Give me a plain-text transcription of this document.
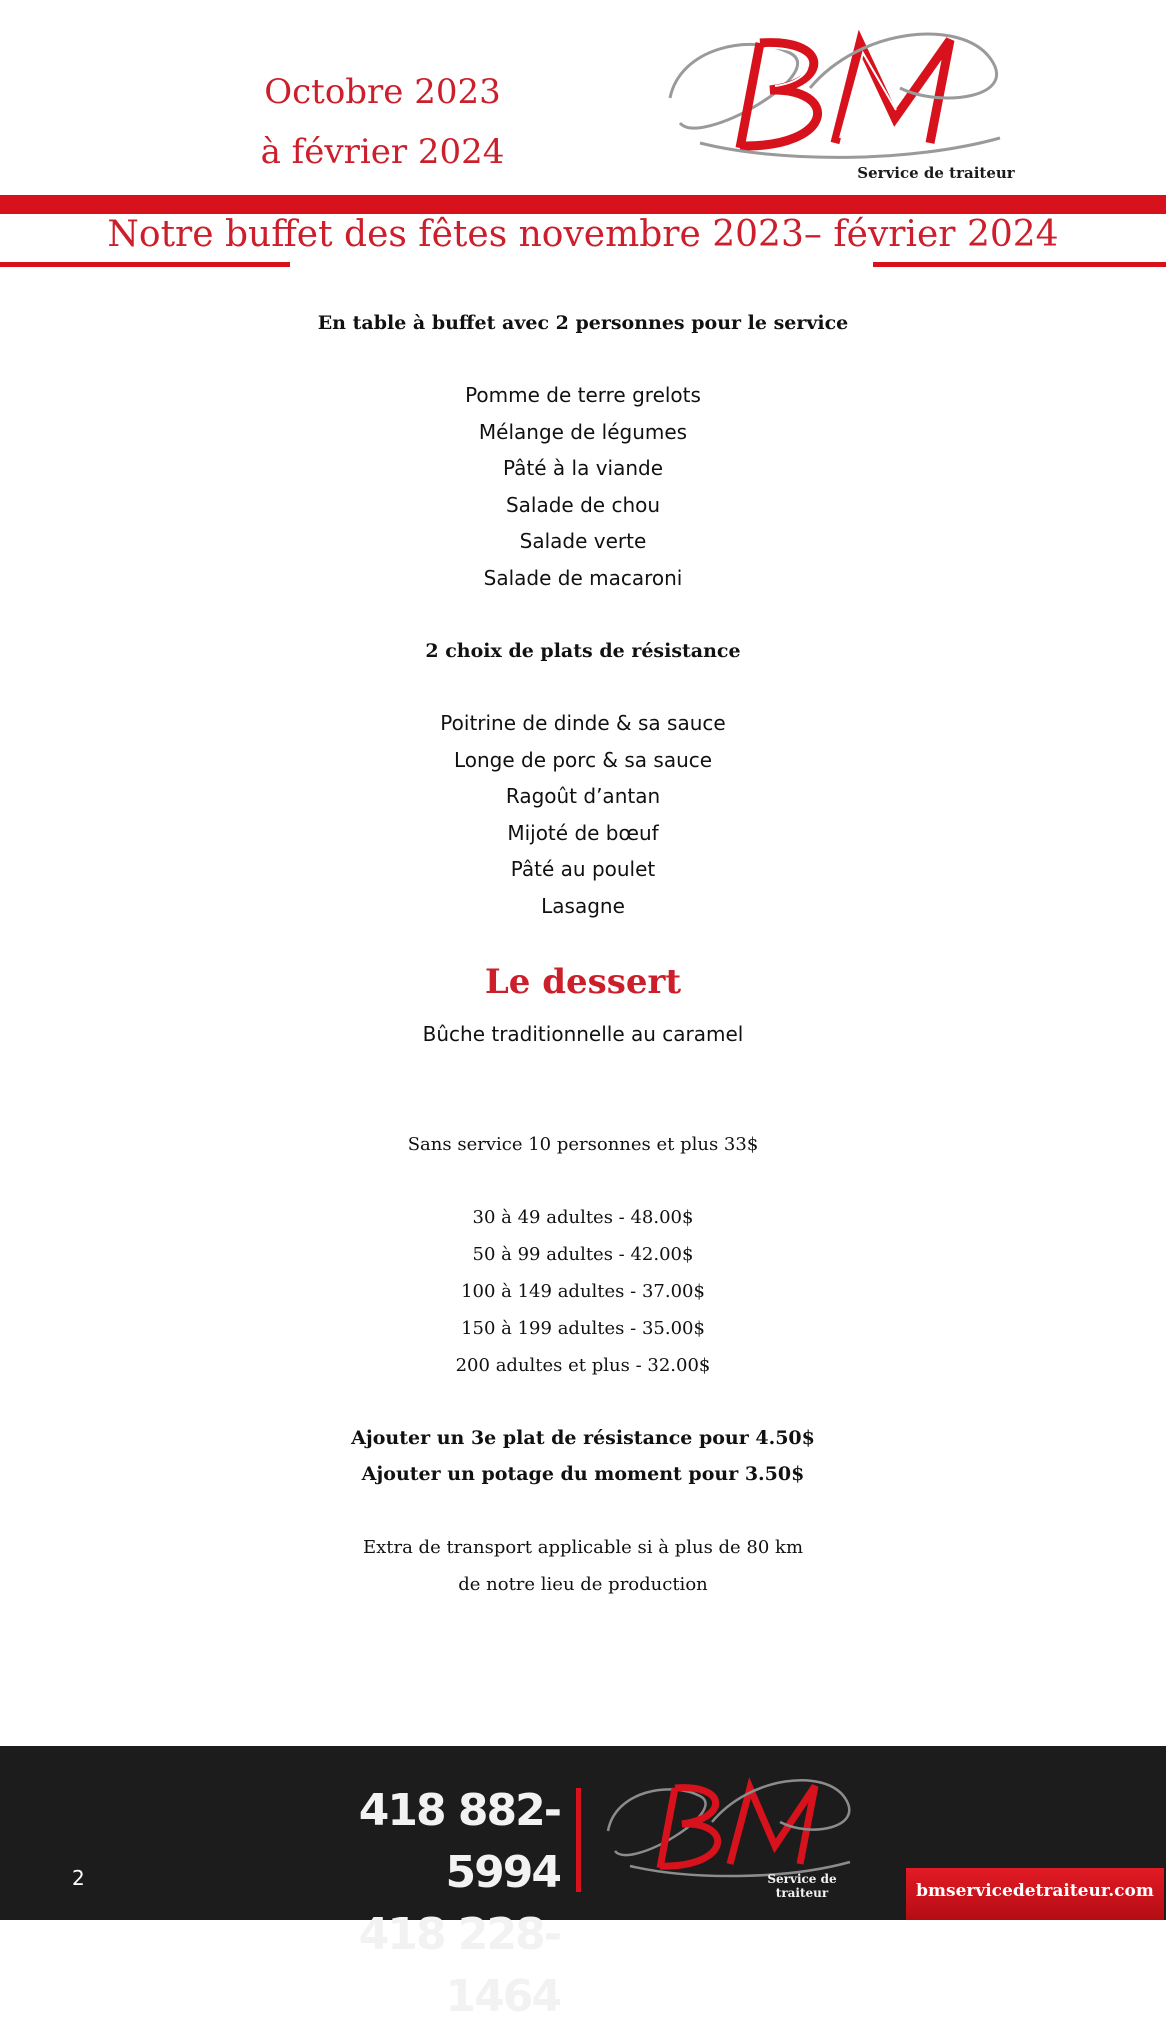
Octobre 2023
à février 2024
Service de traiteur
Notre buffet des fêtes novembre 2023– février 2024
En table à buffet avec 2 personnes pour le service
Pomme de terre grelots
Mélange de légumes
Pâté à la viande
Salade de chou
Salade verte
Salade de macaroni
2 choix de plats de résistance
Poitrine de dinde & sa sauce
Longe de porc & sa sauce
Ragoût d’antan
Mijoté de bœuf
Pâté au poulet
Lasagne
Le dessert
Bûche traditionnelle au caramel
Sans service 10 personnes et plus 33$
30 à 49 adultes - 48.00$
50 à 99 adultes - 42.00$
100 à 149 adultes - 37.00$
150 à 199 adultes - 35.00$
200 adultes et plus - 32.00$
Ajouter un 3e plat de résistance pour 4.50$
Ajouter un potage du moment pour 3.50$
Extra de transport applicable si à plus de 80 km
de notre lieu de production
2
418 882-5994
418 228-1464
Service de traiteur	bmservicedetraiteur.com
